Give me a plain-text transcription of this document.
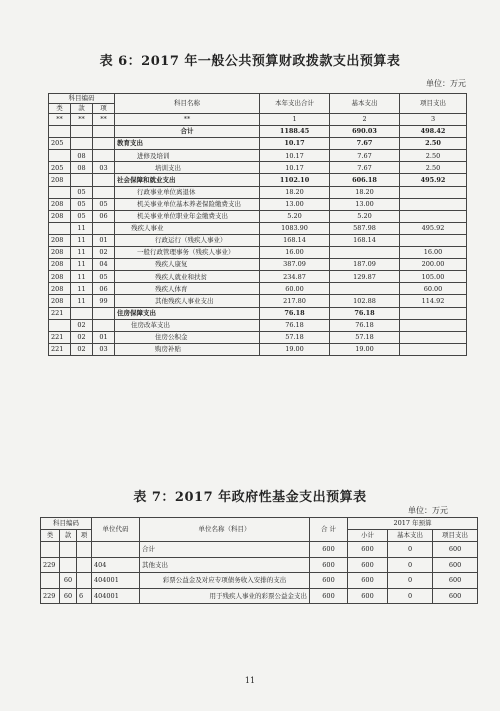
表 6：2017 年一般公共预算财政拨款支出预算表
单位：万元
科目编码			科目名称	本年支出合计	基本支出	项目支出
类	款	项				
**	**	**	**	1	2	3
			合计	1188.45	690.03	498.42
205			教育支出	10.17	7.67	2.50
	08		进修及培训	10.17	7.67	2.50
205	08	03	培训支出	10.17	7.67	2.50
208			社会保障和就业支出	1102.10	606.18	495.92
	05		行政事业单位离退休	18.20	18.20	
208	05	05	机关事业单位基本养老保险缴费支出	13.00	13.00	
208	05	06	机关事业单位职业年金缴费支出	5.20	5.20	
	11		残疾人事业	1083.90	587.98	495.92
208	11	01	行政运行（残疾人事业）	168.14	168.14	
208	11	02	一般行政管理事务（残疾人事业）	16.00		16.00
208	11	04	残疾人康复	387.09	187.09	200.00
208	11	05	残疾人就业和扶贫	234.87	129.87	105.00
208	11	06	残疾人体育	60.00		60.00
208	11	99	其他残疾人事业支出	217.80	102.88	114.92
221			住房保障支出	76.18	76.18	
	02		住房改革支出	76.18	76.18	
221	02	01	住房公积金	57.18	57.18	
221	02	03	购房补贴	19.00	19.00	
表 7：2017 年政府性基金支出预算表
单位：万元
科目编码			单位代码	单位名称（科目）	合 计	2017 年预算		
类	款	项						
						小计	基本支出	项目支出
				合计	600	600	0	600
229			404	其他支出	600	600	0	600
	60		404001	彩票公益金及对应专项债务收入安排的支出	600	600	0	600
229	60	6	404001	用于残疾人事业的彩票公益金支出	600	600	0	600
11
